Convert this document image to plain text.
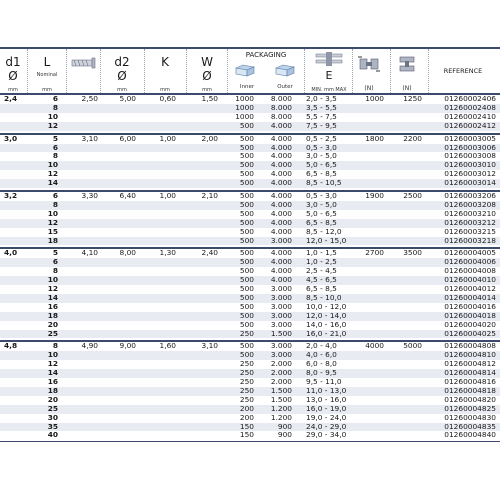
d1
Ø
mm
L
Nominal
mm
d2
Ø
mm
K
mm
W
Ø
mm
PACKAGING
Inner	Outer
E
MIN. mm MAX	(N)	(N)
REFERENCE
2,4	6	2,50	5,00	0,60	1,50	1000	8.000 2,0 - 3,5	1000	1250	01260002406
8	1000	8.000 3,5 - 5,5	01260002408
10	1000	8.000 5,5 - 7,5	01260002410
12	500	4.000 7,5 - 9,5	01260002412
3,0	5	3,10	6,00	1,00	2,00	500	4.000 0,5 - 2,5	1800	2200	01260003005
6	500	4.000 0,5 - 3,0	01260003006
8	500	4.000 3,0 - 5,0	01260003008
10	500	4.000 5,0 - 6,5	01260003010
12	500	4.000 6,5 - 8,5	01260003012
14	500	4.000 8,5 - 10,5	01260003014
3,2	6	3,30	6,40	1,00	2,10	500	4.000 0,5 - 3,0	1900	2500	01260003206
8	500	4.000 3,0 - 5,0	01260003208
10	500	4.000 5,0 - 6,5	01260003210
12	500	4.000 6,5 - 8,5	01260003212
15	500	4.000 8,5 - 12,0	01260003215
18	500	3.000 12,0 - 15,0	01260003218
4,0	5	4,10	8,00	1,30	2,40	500	4.000 1,0 - 1,5	2700	3500	01260004005
6	500	4.000 1,0 - 2,5	01260004006
8	500	4.000 2,5 - 4,5	01260004008
10	500	4.000 4,5 - 6,5	01260004010
12	500	3.000 6,5 - 8,5	01260004012
14	500	3.000 8,5 - 10,0	01260004014
16	500	3.000 10,0 - 12,0	01260004016
18	500	3.000 12,0 - 14,0	01260004018
20	500	3.000 14,0 - 16,0	01260004020
25	250	1.500 16,0 - 21,0	01260004025
4,8	8	4,90	9,00	1,60	3,10	500	3.000 2,0 - 4,0	4000	5000	01260004808
10	500	3.000 4,0 - 6,0	01260004810
12	250	2.000 6,0 - 8,0	01260004812
14	250	2.000 8,0 - 9,5	01260004814
16	250	2.000 9,5 - 11,0	01260004816
18	250	1.500 11,0 - 13,0	01260004818
20	250	1.500 13,0 - 16,0	01260004820
25	200	1.200 16,0 - 19,0	01260004825
30	200	1.200 19,0 - 24,0	01260004830
35	150	900 24,0 - 29,0	01260004835
40	150	900 29,0 - 34,0	01260004840
